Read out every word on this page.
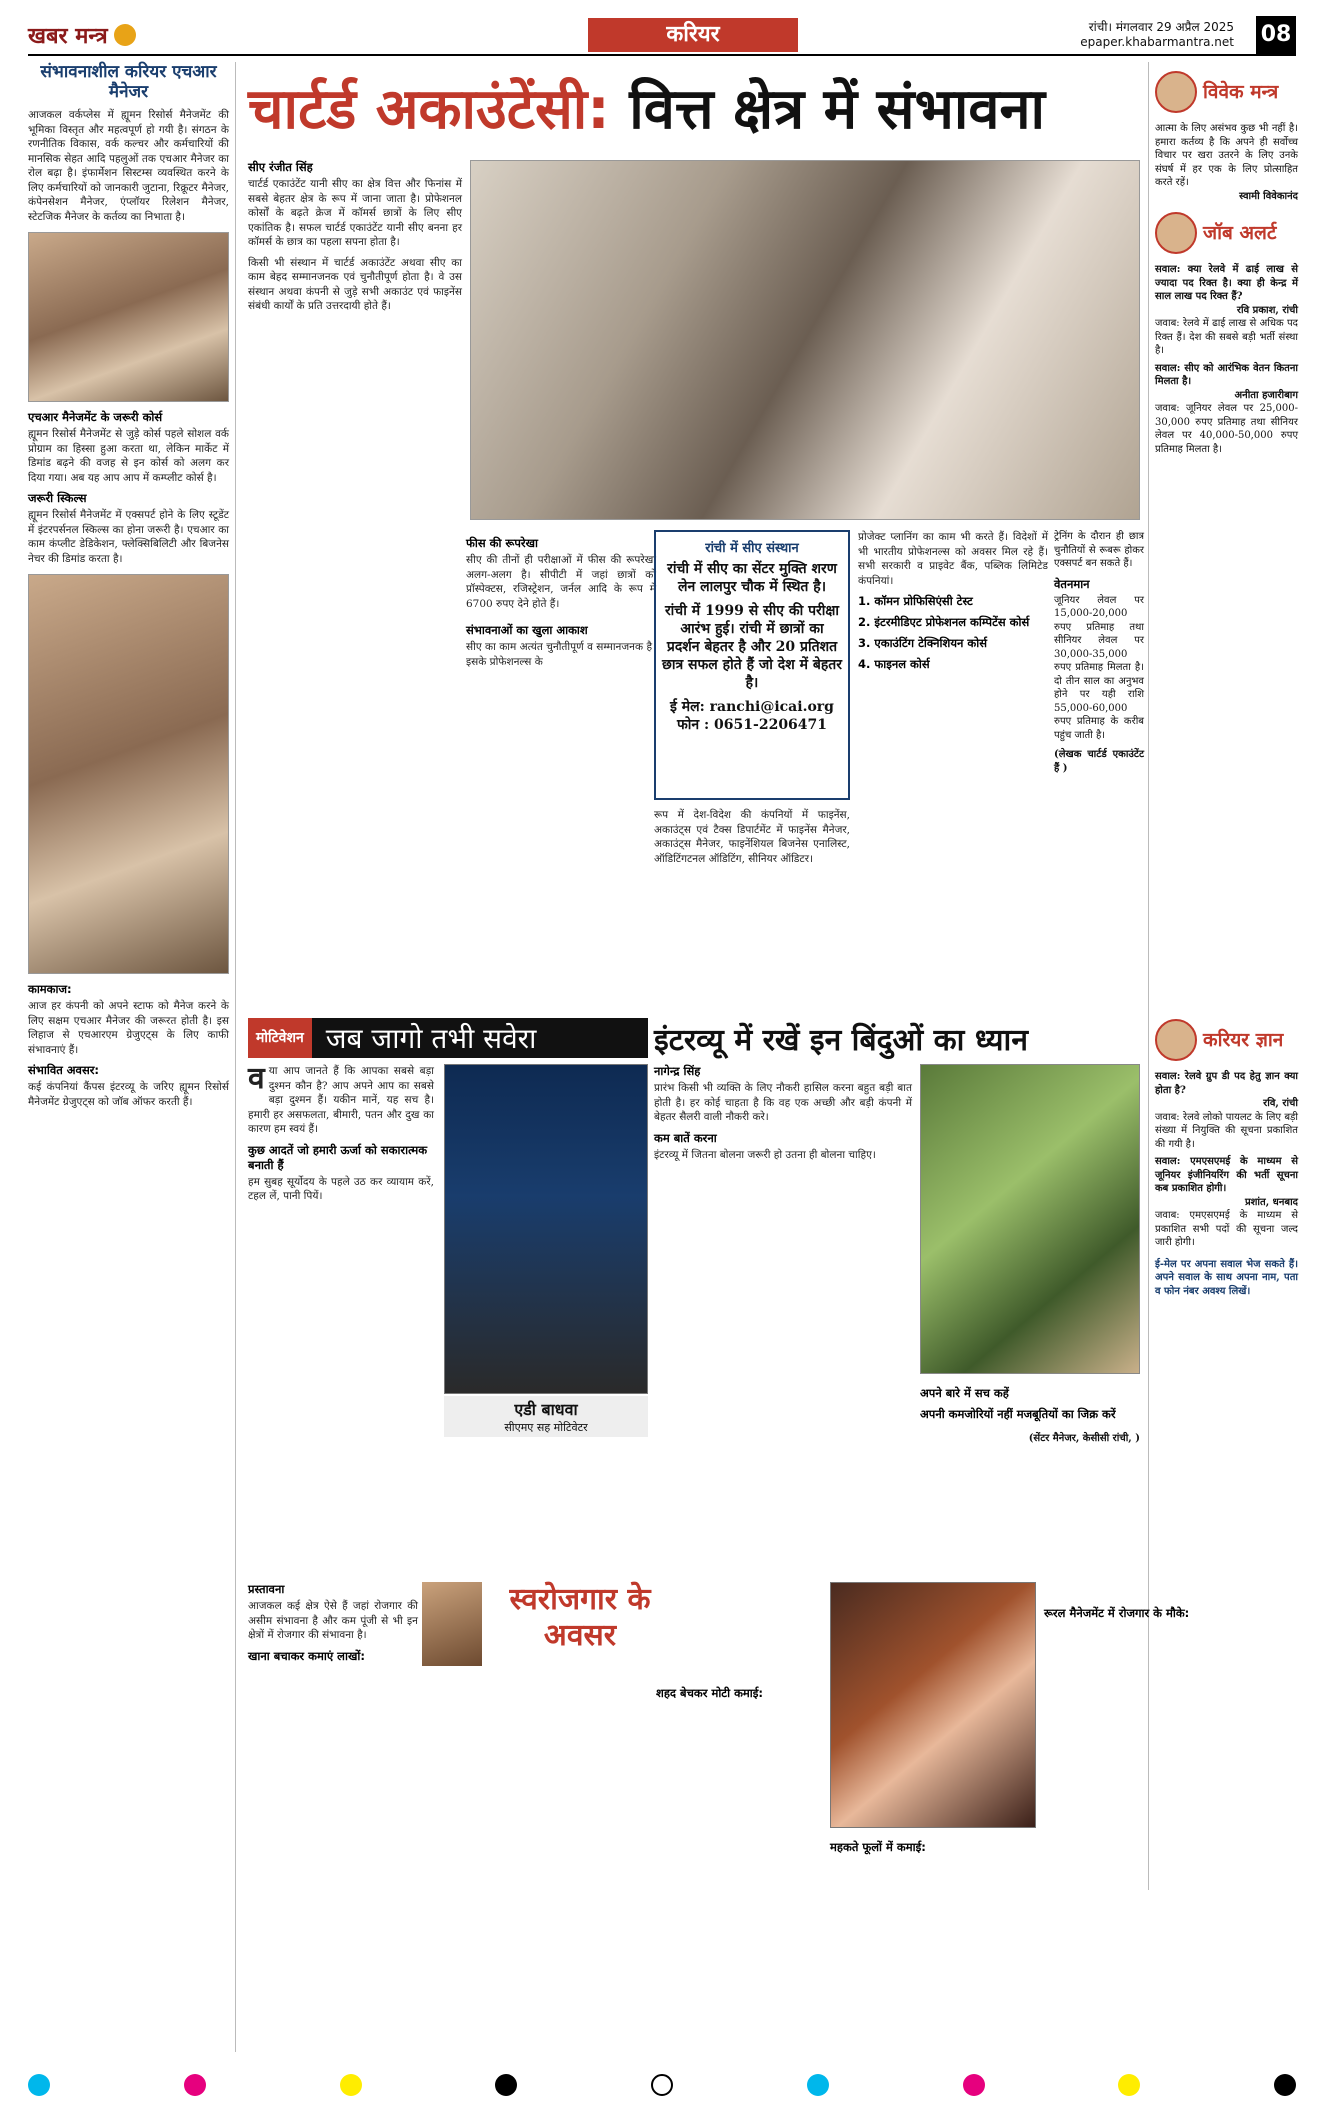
खबर मन्त्र	करियर	रांची। मंगलवार 29 अप्रैल 2025
epaper.khabarmantra.net 08
संभावनाशील करियर एचआर मैनेजर
आजकल वर्कप्लेस में ह्यूमन रिसोर्स मैनेजमेंट की भूमिका विस्तृत और महत्वपूर्ण हो गयी है। संगठन के रणनीतिक विकास, वर्क कल्चर और कर्मचारियों की मानसिक सेहत आदि पहलुओं तक एचआर मैनेजर का रोल बढ़ा है। इंफार्मेशन सिस्टम्स व्यवस्थित करने के लिए कर्मचारियों को जानकारी जुटाना, रिक्रूटर मैनेजर, कंपेनसेशन मैनेजर, एंप्लॉयर रिलेशन मैनेजर, स्टेटजिक मैनेजर के कर्तव्य का निभाता है।
एचआर मैनेजमेंट के जरूरी कोर्स
ह्यूमन रिसोर्स मैनेजमेंट से जुड़े कोर्स पहले सोशल वर्क प्रोग्राम का हिस्सा हुआ करता था, लेकिन मार्केट में डिमांड बढ़ने की वजह से इन कोर्स को अलग कर दिया गया। अब यह आप आप में कम्प्लीट कोर्स है।
जरूरी स्किल्स
ह्यूमन रिसोर्स मैनेजमेंट में एक्सपर्ट होने के लिए स्टूडेंट में इंटरपर्सनल स्किल्स का होना जरूरी है। एचआर का काम कंप्लीट डेडिकेशन, फ्लेक्सिबिलिटी और बिजनेस नेचर की डिमांड करता है।
कामकाज:
आज हर कंपनी को अपने स्टाफ को मैनेज करने के लिए सक्षम एचआर मैनेजर की जरूरत होती है। इस लिहाज से एचआरएम ग्रेजुएट्स के लिए काफी संभावनाएं हैं।
संभावित अवसर:
कई कंपनियां कैंपस इंटरव्यू के जरिए ह्यूमन रिसोर्स मैनेजमेंट ग्रेजुएट्स को जॉब ऑफर करती हैं।
चार्टर्ड अकाउंटेंसी: वित्त क्षेत्र में संभावना
सीए रंजीत सिंह
चार्टर्ड एकाउंटेंट यानी सीए का क्षेत्र वित्त और फिनांस में सबसे बेहतर क्षेत्र के रूप में जाना जाता है। प्रोफेशनल कोर्सों के बढ़ते क्रेज में कॉमर्स छात्रों के लिए सीए एकांतिक है। सफल चार्टर्ड एकाउंटेंट यानी सीए बनना हर कॉमर्स के छात्र का पहला सपना होता है।
किसी भी संस्थान में चार्टर्ड अकाउंटेंट अथवा सीए का काम बेहद सम्मानजनक एवं चुनौतीपूर्ण होता है। वे उस संस्थान अथवा कंपनी से जुड़े सभी अकाउंट एवं फाइनेंस संबंधी कार्यों के प्रति उत्तरदायी होते हैं।
फीस की रूपरेखा
सीए की तीनों ही परीक्षाओं में फीस की रूपरेखा अलग-अलग है। सीपीटी में जहां छात्रों को प्रॉस्पेक्टस, रजिस्ट्रेशन, जर्नल आदि के रूप में 6700 रुपए देने होते हैं।
संभावनाओं का खुला आकाश
सीए का काम अत्यंत चुनौतीपूर्ण व सम्मानजनक है। इसके प्रोफेशनल्स के
रांची में सीए संस्थान
रांची में सीए का सेंटर मुक्ति शरण लेन लालपुर चौक में स्थित है।
रांची में 1999 से सीए की परीक्षा आरंभ हुई। रांची में छात्रों का प्रदर्शन बेहतर है और 20 प्रतिशत छात्र सफल होते हैं जो देश में बेहतर है।
ई मेल: ranchi@icai.org
फोन : 0651-2206471
रूप में देश-विदेश की कंपनियों में फाइनेंस, अकाउंट्स एवं टैक्स डिपार्टमेंट में फाइनेंस मैनेजर, अकाउंट्स मैनेजर, फाइनेंशियल बिजनेस एनालिस्ट, ऑडिटिंगटनल ऑडिटिंग, सीनियर ऑडिटर।
प्रोजेक्ट प्लानिंग का काम भी करते हैं। विदेशों में भी भारतीय प्रोफेशनल्स को अवसर मिल रहे हैं। सभी सरकारी व प्राइवेट बैंक, पब्लिक लिमिटेड कंपनियां।
1. कॉमन प्रोफिसिएंसी टेस्ट
2. इंटरमीडिएट प्रोफेशनल कम्पिटेंस कोर्स
3. एकाउंटिंग टेक्निशियन कोर्स
4. फाइनल कोर्स
ट्रेनिंग के दौरान ही छात्र चुनौतियों से रूबरू होकर एक्सपर्ट बन सकते हैं।
वेतनमान
जूनियर लेवल पर 15,000-20,000 रुपए प्रतिमाह तथा सीनियर लेवल पर 30,000-35,000 रुपए प्रतिमाह मिलता है। दो तीन साल का अनुभव होने पर यही राशि 55,000-60,000 रुपए प्रतिमाह के करीब पहुंच जाती है।
(लेखक चार्टर्ड एकाउंटेंट हैं )
विवेक मन्त्र
आत्मा के लिए असंभव कुछ भी नहीं है। हमारा कर्तव्य है कि अपने ही सर्वोच्च विचार पर खरा उतरने के लिए उनके संघर्ष में हर एक के लिए प्रोत्साहित करते रहें।
स्वामी विवेकानंद
जॉब अलर्ट
सवाल: क्या रेलवे में ढाई लाख से ज्यादा पद रिक्त है। क्या ही केन्द्र में साल लाख पद रिक्त हैं?
रवि प्रकाश, रांची
जवाब: रेलवे में ढाई लाख से अधिक पद रिक्त हैं। देश की सबसे बड़ी भर्ती संस्था है।
सवाल: सीए को आरंभिक वेतन कितना मिलता है।
अनीता हजारीबाग
जवाब: जूनियर लेवल पर 25,000-30,000 रुपए प्रतिमाह तथा सीनियर लेवल पर 40,000-50,000 रुपए प्रतिमाह मिलता है।
करियर ज्ञान
सवाल: रेलवे ग्रुप डी पद हेतु ज्ञान क्या होता है?
रवि, रांची
जवाब: रेलवे लोको पायलट के लिए बड़ी संख्या में नियुक्ति की सूचना प्रकाशित की गयी है।
सवाल: एमएसएमई के माध्यम से जूनियर इंजीनियरिंग की भर्ती सूचना कब प्रकाशित होगी।
प्रशांत, धनबाद
जवाब: एमएसएमई के माध्यम से प्रकाशित सभी पदों की सूचना जल्द जारी होगी।
ई-मेल पर अपना सवाल भेज सकते हैं। अपने सवाल के साथ अपना नाम, पता व फोन नंबर अवश्य लिखें।
मोटिवेशन जब जागो तभी सवेरा
व या आप जानते हैं कि आपका सबसे बड़ा दुश्मन कौन है? आप अपने आप का सबसे बड़ा दुश्मन हैं। यकीन मानें, यह सच है। हमारी हर असफलता, बीमारी, पतन और दुख का कारण हम स्वयं हैं।
कुछ आदतें जो हमारी ऊर्जा को सकारात्मक बनाती हैं
हम सुबह सूर्योदय के पहले उठ कर व्यायाम करें, टहल लें, पानी पियें।
एडी बाधवा
सीएमए सह मोटिवेटर
इंटरव्यू में रखें इन बिंदुओं का ध्यान
नागेन्द्र सिंह
प्रारंभ किसी भी व्यक्ति के लिए नौकरी हासिल करना बहुत बड़ी बात होती है। हर कोई चाहता है कि वह एक अच्छी और बड़ी कंपनी में बेहतर सैलरी वाली नौकरी करे।
कम बातें करना
इंटरव्यू में जितना बोलना जरूरी हो उतना ही बोलना चाहिए।
अपने बारे में सच कहें
अपनी कमजोरियों नहीं मजबूतियों का जिक्र करें
(सेंटर मैनेजर, केसीसी रांची, )
प्रस्तावना
आजकल कई क्षेत्र ऐसे हैं जहां रोजगार की असीम संभावना है और कम पूंजी से भी इन क्षेत्रों में रोजगार की संभावना है।
खाना बचाकर कमाएं लाखों:
स्वरोजगार के अवसर
शहद बेचकर मोटी कमाई:
महकते फूलों में कमाई:
रूरल मैनेजमेंट में रोजगार के मौके:
